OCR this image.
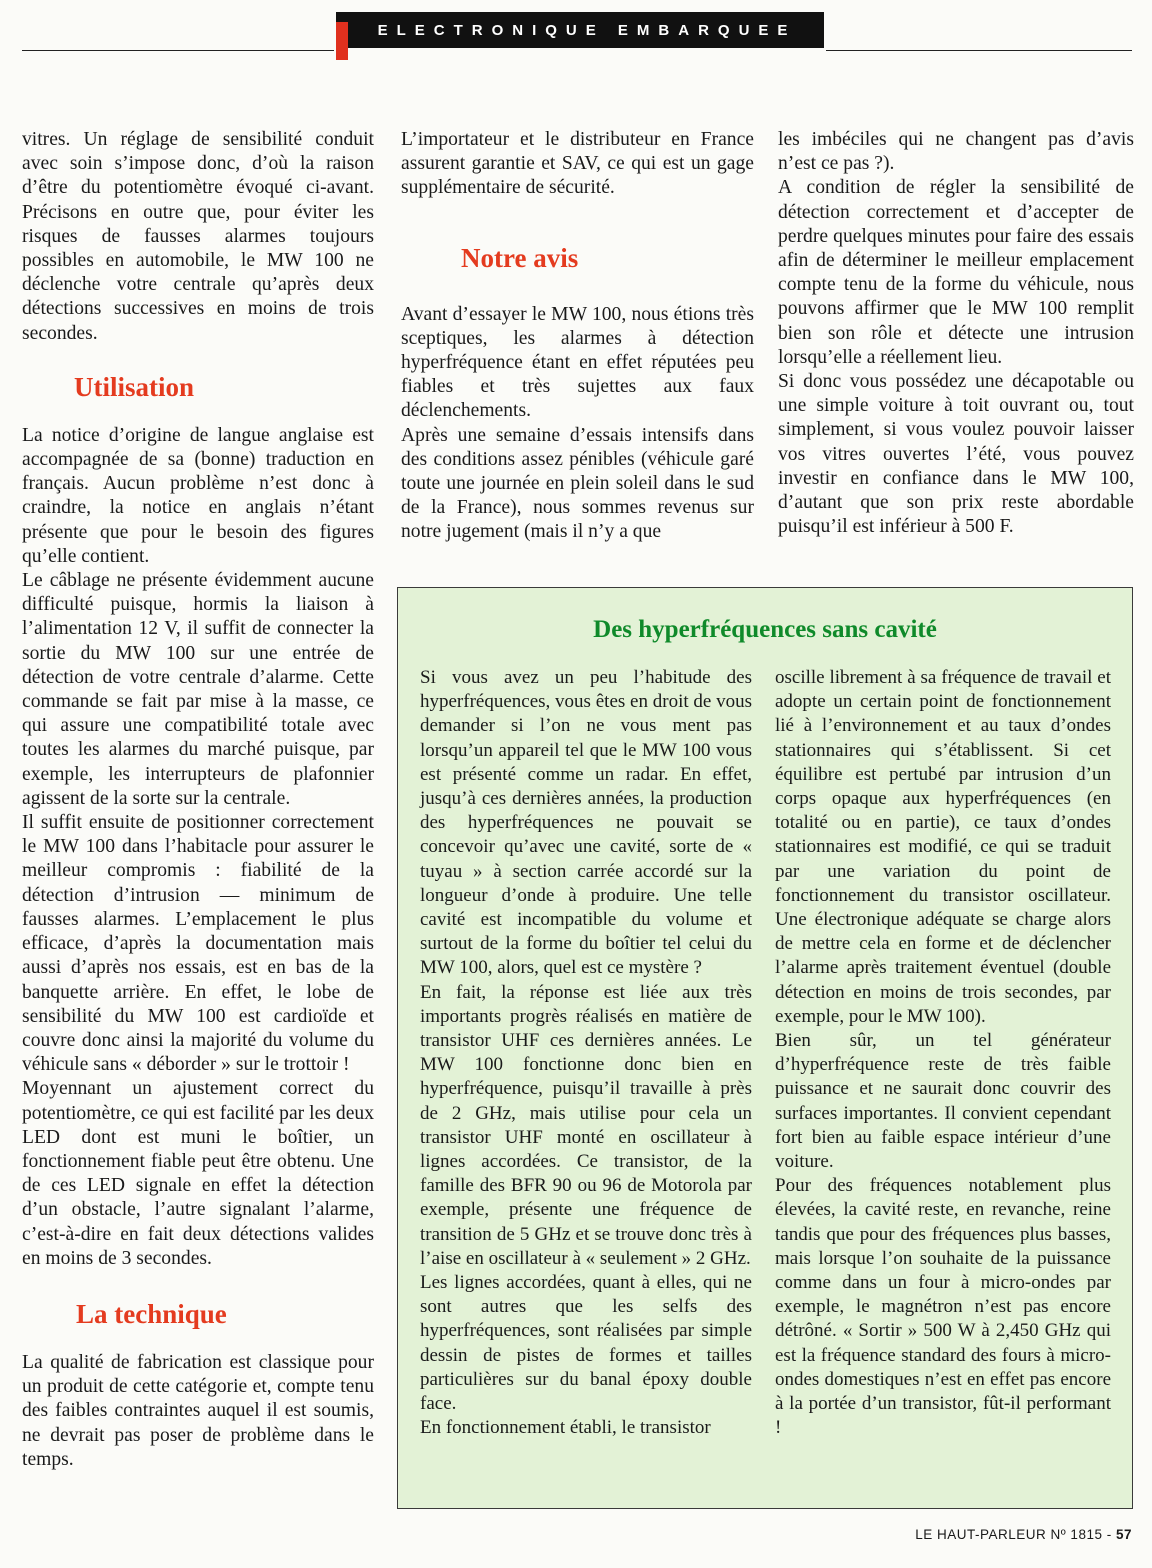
ELECTRONIQUE EMBARQUEE

vitres. Un réglage de sensibilité conduit avec soin s’impose donc, d’où la raison d’être du potentiomètre évoqué ci-avant. Précisons en outre que, pour éviter les risques de fausses alarmes toujours possibles en automobile, le MW 100 ne déclenche votre centrale qu’après deux détections successives en moins de trois secondes.

Utilisation

La notice d’origine de langue anglaise est accompagnée de sa (bonne) traduction en français. Aucun problème n’est donc à craindre, la notice en anglais n’étant présente que pour le besoin des figures qu’elle contient.

Le câblage ne présente évidemment aucune difficulté puisque, hormis la liaison à l’alimentation 12 V, il suffit de connecter la sortie du MW 100 sur une entrée de détection de votre centrale d’alarme. Cette commande se fait par mise à la masse, ce qui assure une compatibilité totale avec toutes les alarmes du marché puisque, par exemple, les interrupteurs de plafonnier agissent de la sorte sur la centrale.

Il suffit ensuite de positionner correctement le MW 100 dans l’habitacle pour assurer le meilleur compromis : fiabilité de la détection d’intrusion — minimum de fausses alarmes. L’emplacement le plus efficace, d’après la documentation mais aussi d’après nos essais, est en bas de la banquette arrière. En effet, le lobe de sensibilité du MW 100 est cardioïde et couvre donc ainsi la majorité du volume du véhicule sans « déborder » sur le trottoir !

Moyennant un ajustement correct du potentiomètre, ce qui est facilité par les deux LED dont est muni le boîtier, un fonctionnement fiable peut être obtenu. Une de ces LED signale en effet la détection d’un obstacle, l’autre signalant l’alarme, c’est-à-dire en fait deux détections valides en moins de 3 secondes.

La technique

La qualité de fabrication est classique pour un produit de cette catégorie et, compte tenu des faibles contraintes auquel il est soumis, ne devrait pas poser de problème dans le temps.

L’importateur et le distributeur en France assurent garantie et SAV, ce qui est un gage supplémentaire de sécurité.

Notre avis

Avant d’essayer le MW 100, nous étions très sceptiques, les alarmes à détection hyperfréquence étant en effet réputées peu fiables et très sujettes aux faux déclenchements.

Après une semaine d’essais intensifs dans des conditions assez pénibles (véhicule garé toute une journée en plein soleil dans le sud de la France), nous sommes revenus sur notre jugement (mais il n’y a que

les imbéciles qui ne changent pas d’avis n’est ce pas ?).

A condition de régler la sensibilité de détection correctement et d’accepter de perdre quelques minutes pour faire des essais afin de déterminer le meilleur emplacement compte tenu de la forme du véhicule, nous pouvons affirmer que le MW 100 remplit bien son rôle et détecte une intrusion lorsqu’elle a réellement lieu.

Si donc vous possédez une décapotable ou une simple voiture à toit ouvrant ou, tout simplement, si vous voulez pouvoir laisser vos vitres ouvertes l’été, vous pouvez investir en confiance dans le MW 100, d’autant que son prix reste abordable puisqu’il est inférieur à 500 F.

Des hyperfréquences sans cavité

Si vous avez un peu l’habitude des hyperfréquences, vous êtes en droit de vous demander si l’on ne vous ment pas lorsqu’un appareil tel que le MW 100 vous est présenté comme un radar. En effet, jusqu’à ces dernières années, la production des hyperfréquences ne pouvait se concevoir qu’avec une cavité, sorte de « tuyau » à section carrée accordé sur la longueur d’onde à produire. Une telle cavité est incompatible du volume et surtout de la forme du boîtier tel celui du MW 100, alors, quel est ce mystère ?

En fait, la réponse est liée aux très importants progrès réalisés en matière de transistor UHF ces dernières années. Le MW 100 fonctionne donc bien en hyperfréquence, puisqu’il travaille à près de 2 GHz, mais utilise pour cela un transistor UHF monté en oscillateur à lignes accordées. Ce transistor, de la famille des BFR 90 ou 96 de Motorola par exemple, présente une fréquence de transition de 5 GHz et se trouve donc très à l’aise en oscillateur à « seulement » 2 GHz.

Les lignes accordées, quant à elles, qui ne sont autres que les selfs des hyperfréquences, sont réalisées par simple dessin de pistes de formes et tailles particulières sur du banal époxy double face.

En fonctionnement établi, le transistor

oscille librement à sa fréquence de travail et adopte un certain point de fonctionnement lié à l’environnement et au taux d’ondes stationnaires qui s’établissent. Si cet équilibre est pertubé par intrusion d’un corps opaque aux hyperfréquences (en totalité ou en partie), ce taux d’ondes stationnaires est modifié, ce qui se traduit par une variation du point de fonctionnement du transistor oscillateur. Une électronique adéquate se charge alors de mettre cela en forme et de déclencher l’alarme après traitement éventuel (double détection en moins de trois secondes, par exemple, pour le MW 100).

Bien sûr, un tel générateur d’hyperfréquence reste de très faible puissance et ne saurait donc couvrir des surfaces importantes. Il convient cependant fort bien au faible espace intérieur d’une voiture.

Pour des fréquences notablement plus élevées, la cavité reste, en revanche, reine tandis que pour des fréquences plus basses, mais lorsque l’on souhaite de la puissance comme dans un four à micro-ondes par exemple, le magnétron n’est pas encore détrôné. « Sortir » 500 W à 2,450 GHz qui est la fréquence standard des fours à micro-ondes domestiques n’est en effet pas encore à la portée d’un transistor, fût-il performant !

LE HAUT-PARLEUR Nº 1815 - 57
